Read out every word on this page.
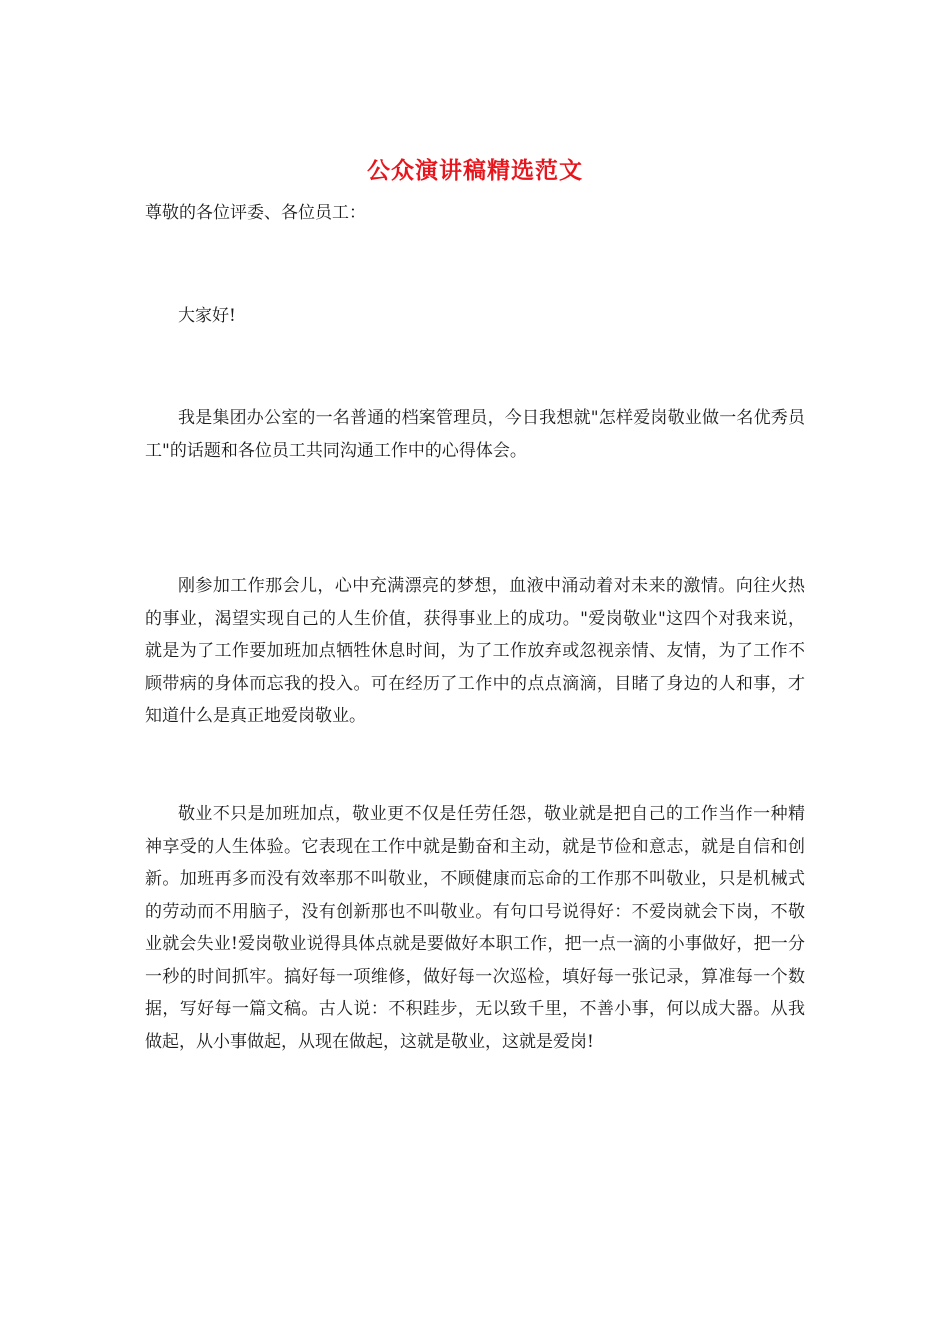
公众演讲稿精选范文
尊敬的各位评委、各位员工：

大家好!

我是集团办公室的一名普通的档案管理员，今日我想就"怎样爱岗敬业做一名优秀员工"的话题和各位员工共同沟通工作中的心得体会。

刚参加工作那会儿，心中充满漂亮的梦想，血液中涌动着对未来的激情。向往火热的事业，渴望实现自己的人生价值，获得事业上的成功。"爱岗敬业"这四个对我来说，就是为了工作要加班加点牺牲休息时间，为了工作放弃或忽视亲情、友情，为了工作不顾带病的身体而忘我的投入。可在经历了工作中的点点滴滴，目睹了身边的人和事，才知道什么是真正地爱岗敬业。

敬业不只是加班加点，敬业更不仅是任劳任怨，敬业就是把自己的工作当作一种精神享受的人生体验。它表现在工作中就是勤奋和主动，就是节俭和意志，就是自信和创新。加班再多而没有效率那不叫敬业，不顾健康而忘命的工作那不叫敬业，只是机械式的劳动而不用脑子，没有创新那也不叫敬业。有句口号说得好：不爱岗就会下岗，不敬业就会失业!爱岗敬业说得具体点就是要做好本职工作，把一点一滴的小事做好，把一分一秒的时间抓牢。搞好每一项维修，做好每一次巡检，填好每一张记录，算准每一个数据，写好每一篇文稿。古人说：不积跬步，无以致千里，不善小事，何以成大器。从我做起，从小事做起，从现在做起，这就是敬业，这就是爱岗!
